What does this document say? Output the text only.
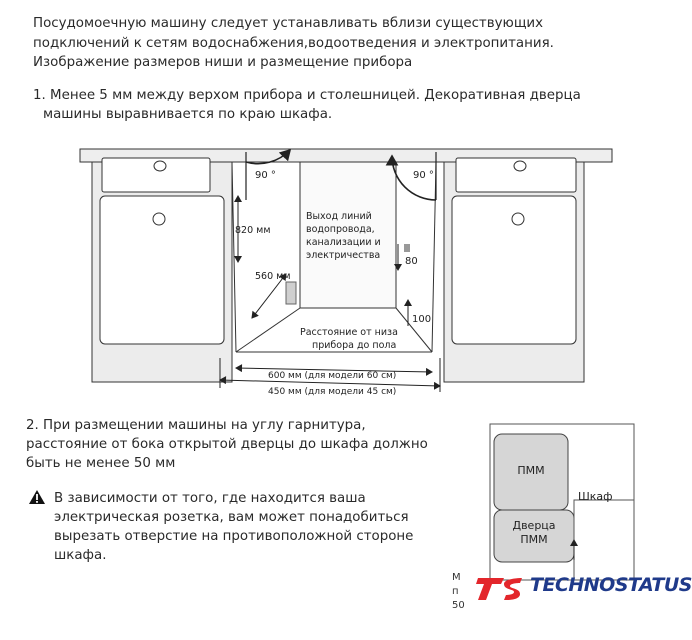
Посудомоечную машину следует устанавливать вблизи существующих
подключений к сетям водоснабжения,водоотведения и электропитания.
Изображение размеров ниши и размещение прибора

1. Менее 5 мм между верхом прибора и столешницей. Декоративная дверца
машины выравнивается по краю шкафа.

90 °	90 °
820 мм
560 мм
Выход линий
водопровода,
канализации и
электричества
80
100
Расстояние от низа
прибора до пола
600 мм (для модели 60 см)
450 мм (для модели 45 см)

2. При размещении машины на углу гарнитура,
расстояние от бока открытой дверцы до шкафа должно
быть не менее 50 мм

В зависимости от того, где находится ваша
электрическая розетка, вам может понадобиться
вырезать отверстие на противоположной стороне
шкафа.

ПММ
Дверца
ПММ
Шкаф
М
п
50
TECHNOSTATUS
